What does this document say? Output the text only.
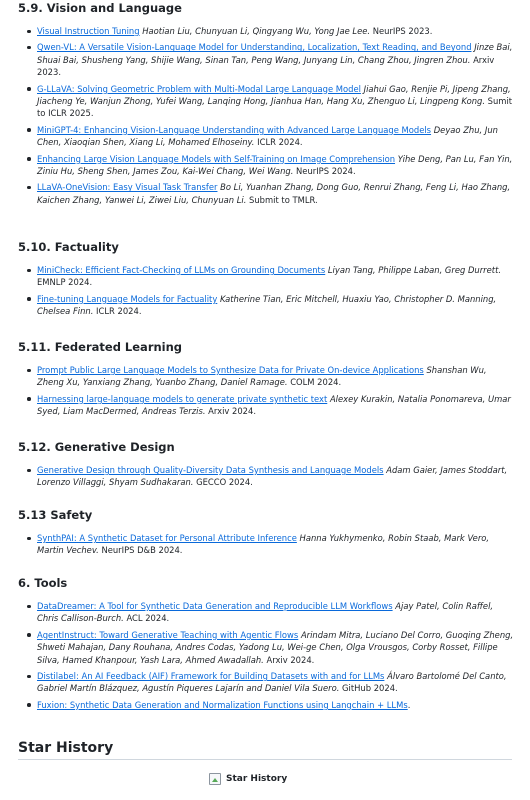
5.9. Vision and Language
Visual Instruction Tuning Haotian Liu, Chunyuan Li, Qingyang Wu, Yong Jae Lee. NeurIPS 2023.
Qwen-VL: A Versatile Vision-Language Model for Understanding, Localization, Text Reading, and Beyond Jinze Bai, Shuai Bai, Shusheng Yang, Shijie Wang, Sinan Tan, Peng Wang, Junyang Lin, Chang Zhou, Jingren Zhou. Arxiv 2023.
G-LLaVA: Solving Geometric Problem with Multi-Modal Large Language Model Jiahui Gao, Renjie Pi, Jipeng Zhang, Jiacheng Ye, Wanjun Zhong, Yufei Wang, Lanqing Hong, Jianhua Han, Hang Xu, Zhenguo Li, Lingpeng Kong. Sumit to ICLR 2025.
MiniGPT-4: Enhancing Vision-Language Understanding with Advanced Large Language Models Deyao Zhu, Jun Chen, Xiaoqian Shen, Xiang Li, Mohamed Elhoseiny. ICLR 2024.
Enhancing Large Vision Language Models with Self-Training on Image Comprehension Yihe Deng, Pan Lu, Fan Yin, Ziniu Hu, Sheng Shen, James Zou, Kai-Wei Chang, Wei Wang. NeurIPS 2024.
LLaVA-OneVision: Easy Visual Task Transfer Bo Li, Yuanhan Zhang, Dong Guo, Renrui Zhang, Feng Li, Hao Zhang, Kaichen Zhang, Yanwei Li, Ziwei Liu, Chunyuan Li. Submit to TMLR.
5.10. Factuality
MiniCheck: Efficient Fact-Checking of LLMs on Grounding Documents Liyan Tang, Philippe Laban, Greg Durrett. EMNLP 2024.
Fine-tuning Language Models for Factuality Katherine Tian, Eric Mitchell, Huaxiu Yao, Christopher D. Manning, Chelsea Finn. ICLR 2024.
5.11. Federated Learning
Prompt Public Large Language Models to Synthesize Data for Private On-device Applications Shanshan Wu, Zheng Xu, Yanxiang Zhang, Yuanbo Zhang, Daniel Ramage. COLM 2024.
Harnessing large-language models to generate private synthetic text Alexey Kurakin, Natalia Ponomareva, Umar Syed, Liam MacDermed, Andreas Terzis. Arxiv 2024.
5.12. Generative Design
Generative Design through Quality-Diversity Data Synthesis and Language Models Adam Gaier, James Stoddart, Lorenzo Villaggi, Shyam Sudhakaran. GECCO 2024.
5.13 Safety
SynthPAI: A Synthetic Dataset for Personal Attribute Inference Hanna Yukhymenko, Robin Staab, Mark Vero, Martin Vechev. NeurIPS D&B 2024.
6. Tools
DataDreamer: A Tool for Synthetic Data Generation and Reproducible LLM Workflows Ajay Patel, Colin Raffel, Chris Callison-Burch. ACL 2024.
AgentInstruct: Toward Generative Teaching with Agentic Flows Arindam Mitra, Luciano Del Corro, Guoqing Zheng, Shweti Mahajan, Dany Rouhana, Andres Codas, Yadong Lu, Wei-ge Chen, Olga Vrousgos, Corby Rosset, Fillipe Silva, Hamed Khanpour, Yash Lara, Ahmed Awadallah. Arxiv 2024.
Distilabel: An AI Feedback (AIF) Framework for Building Datasets with and for LLMs Álvaro Bartolomé Del Canto, Gabriel Martín Blázquez, Agustín Piqueres Lajarín and Daniel Vila Suero. GitHub 2024.
Fuxion: Synthetic Data Generation and Normalization Functions using Langchain + LLMs.
Star History
Star History
